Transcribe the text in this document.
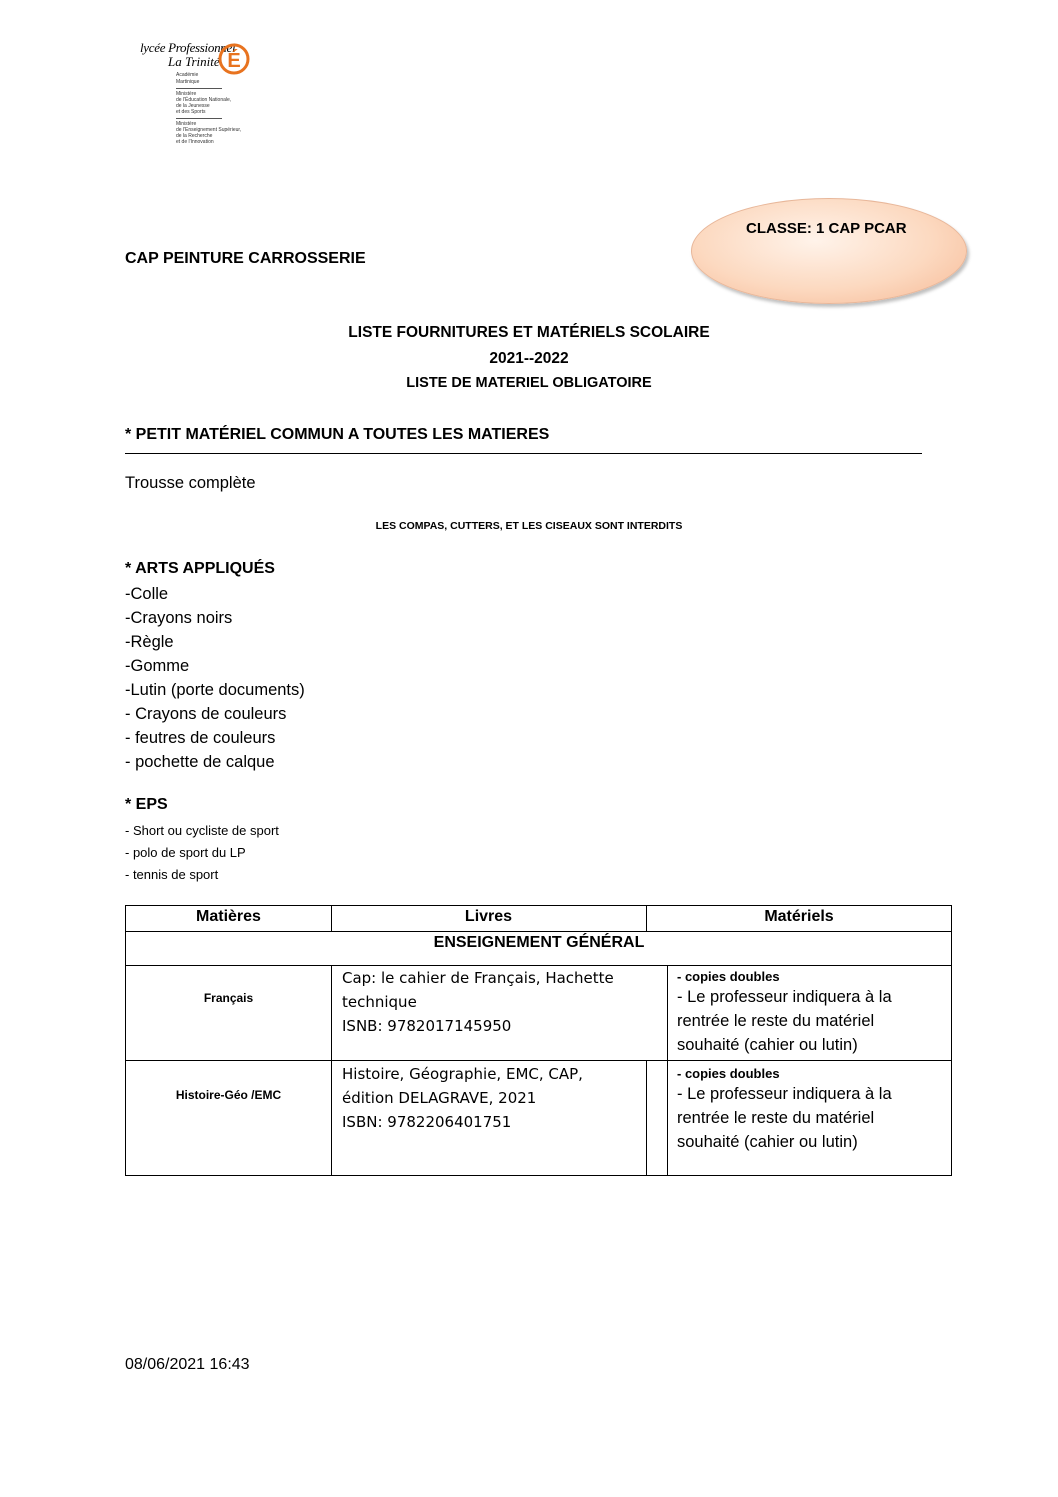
lycée Professionnel
La Trinité É
Académie
Martinique
Ministère
de l'Éducation Nationale,
de la Jeunesse
et des Sports
Ministère
de l'Enseignement Supérieur,
de la Recherche
et de l'Innovation
CLASSE: 1 CAP PCAR
CAP PEINTURE CARROSSERIE
LISTE FOURNITURES ET MATÉRIELS SCOLAIRE
2021--2022
LISTE DE MATERIEL OBLIGATOIRE
* PETIT MATÉRIEL COMMUN A TOUTES LES MATIERES
Trousse complète
LES COMPAS, CUTTERS, ET LES CISEAUX SONT INTERDITS
* ARTS APPLIQUÉS
-Colle
-Crayons noirs
-Règle
-Gomme
-Lutin (porte documents)
- Crayons de couleurs
- feutres de couleurs
- pochette de calque
* EPS
- Short ou cycliste de sport
- polo de sport du LP
- tennis de sport
Matières	Livres	Matériels
ENSEIGNEMENT GÉNÉRAL
Français
Cap: le cahier de Français, Hachette
technique
ISNB: 9782017145950
- copies doubles
- Le professeur indiquera à la
rentrée le reste du matériel
souhaité (cahier ou lutin)
Histoire-Géo /EMC
Histoire, Géographie, EMC, CAP,
édition DELAGRAVE, 2021
ISBN: 9782206401751
- copies doubles
- Le professeur indiquera à la
rentrée le reste du matériel
souhaité (cahier ou lutin)
08/06/2021 16:43
